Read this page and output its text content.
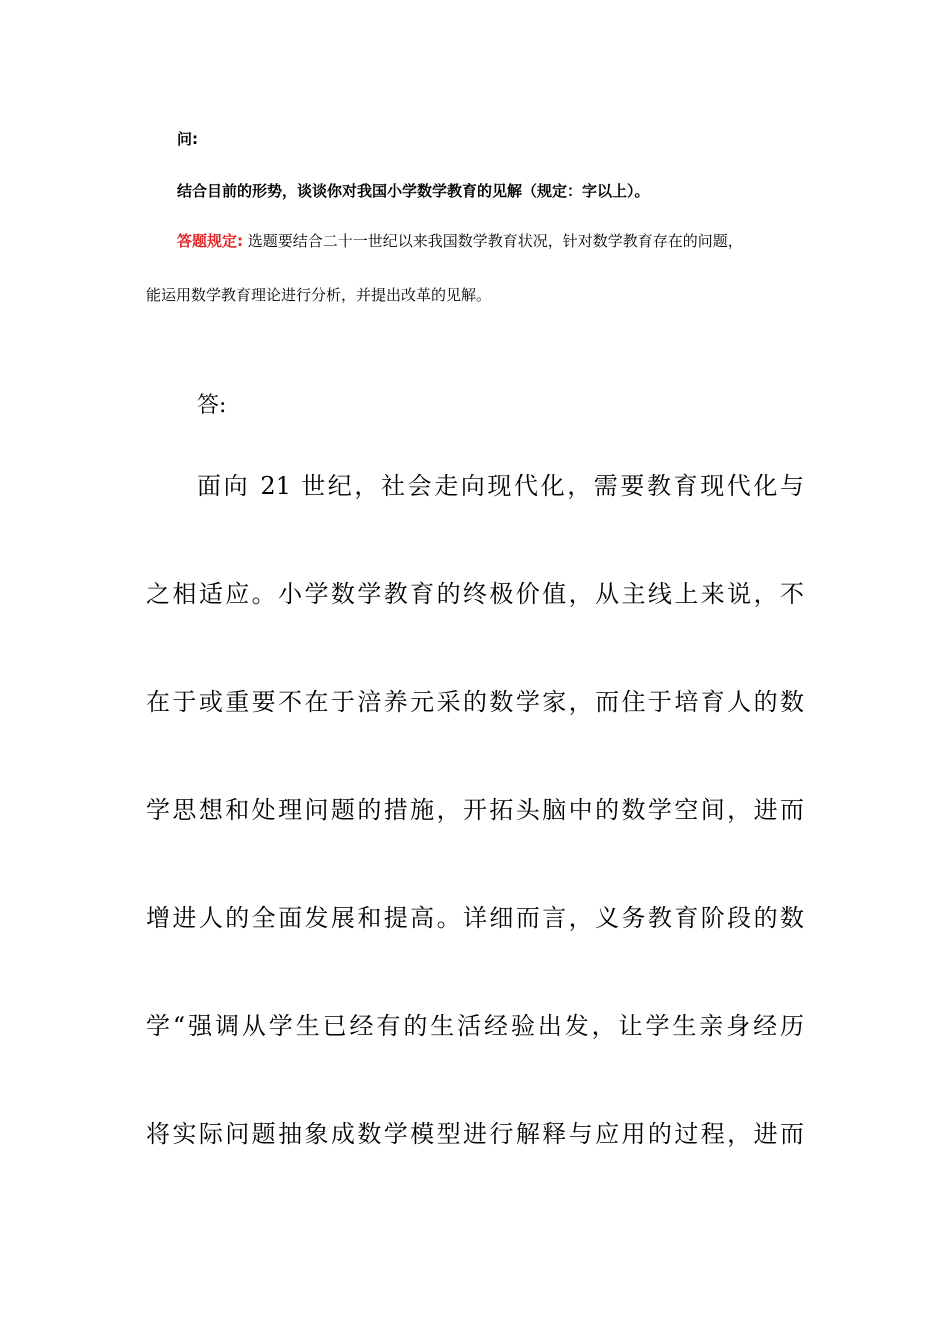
问:
结合目前的形势，谈谈你对我国小学数学教育的见解（规定：字以上）。
答题规定: 选题要结合二十一世纪以来我国数学教育状况，针对数学教育存在的问题，
能运用数学教育理论进行分析，并提出改革的见解。
答:
面向 21 世纪，社会走向现代化，需要教育现代化与
之相适应。小学数学教育的终极价值，从主线上来说，不
在于或重要不在于涪养元采的数学家，而住于培育人的数
学思想和处理问题的措施，开拓头脑中的数学空间，进而
增进人的全面发展和提高。详细而言，义务教育阶段的数
学“强调从学生已经有的生活经验出发，让学生亲身经历
将实际问题抽象成数学模型进行解释与应用的过程，进而
